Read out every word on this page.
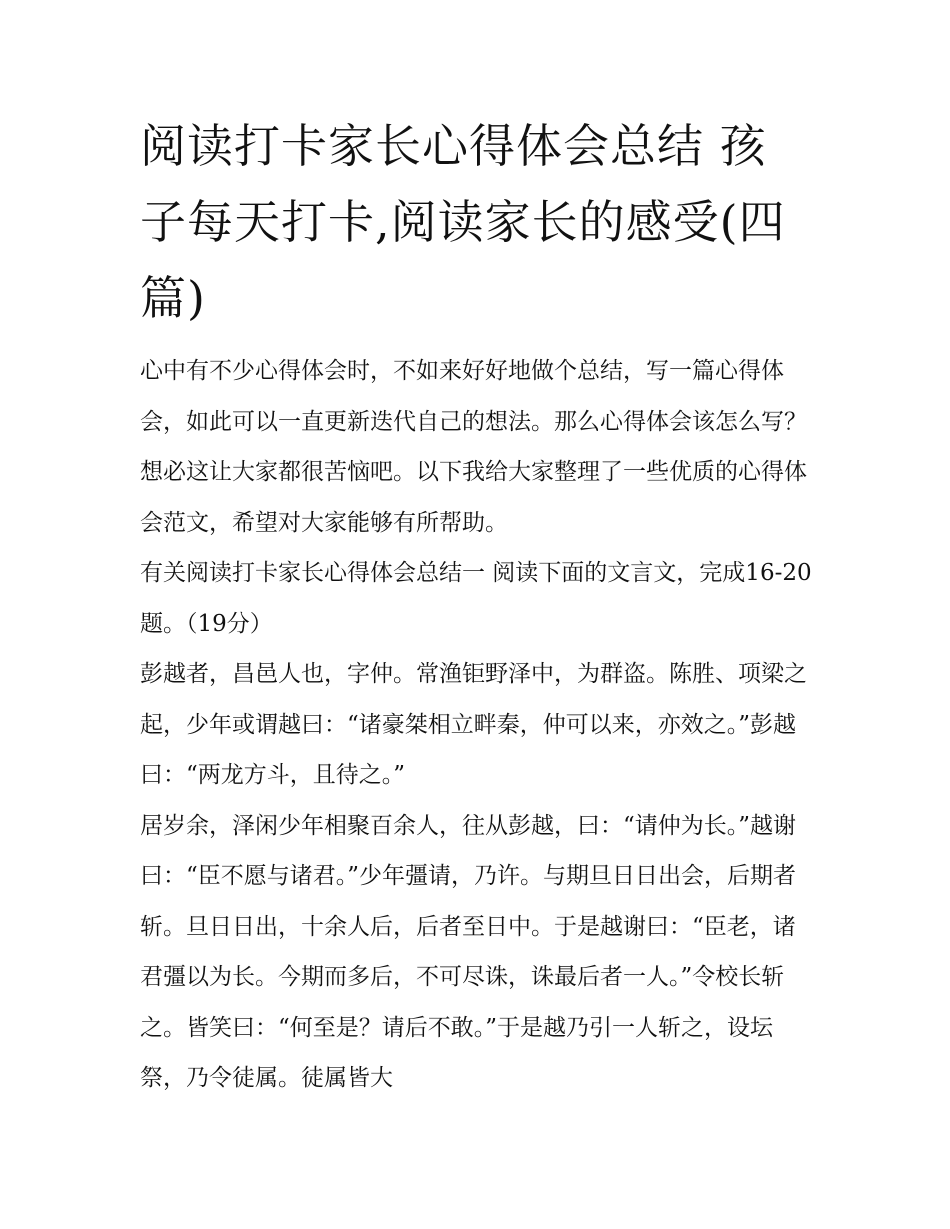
阅读打卡家长心得体会总结 孩子每天打卡,阅读家长的感受(四篇)

心中有不少心得体会时，不如来好好地做个总结，写一篇心得体会，如此可以一直更新迭代自己的想法。那么心得体会该怎么写？想必这让大家都很苦恼吧。以下我给大家整理了一些优质的心得体会范文，希望对大家能够有所帮助。

有关阅读打卡家长心得体会总结一 阅读下面的文言文，完成16-20题。（19分）

彭越者，昌邑人也，字仲。常渔钜野泽中，为群盗。陈胜、项梁之起，少年或谓越曰：“诸豪桀相立畔秦，仲可以来，亦效之。”彭越曰：“两龙方斗，且待之。”

居岁余，泽闲少年相聚百余人，往从彭越，曰：“请仲为长。”越谢曰：“臣不愿与诸君。”少年彊请，乃许。与期旦日日出会，后期者斩。旦日日出，十余人后，后者至日中。于是越谢曰：“臣老，诸君彊以为长。今期而多后，不可尽诛，诛最后者一人。”令校长斩之。皆笑曰：“何至是？请后不敢。”于是越乃引一人斩之，设坛祭，乃令徒属。徒属皆大
